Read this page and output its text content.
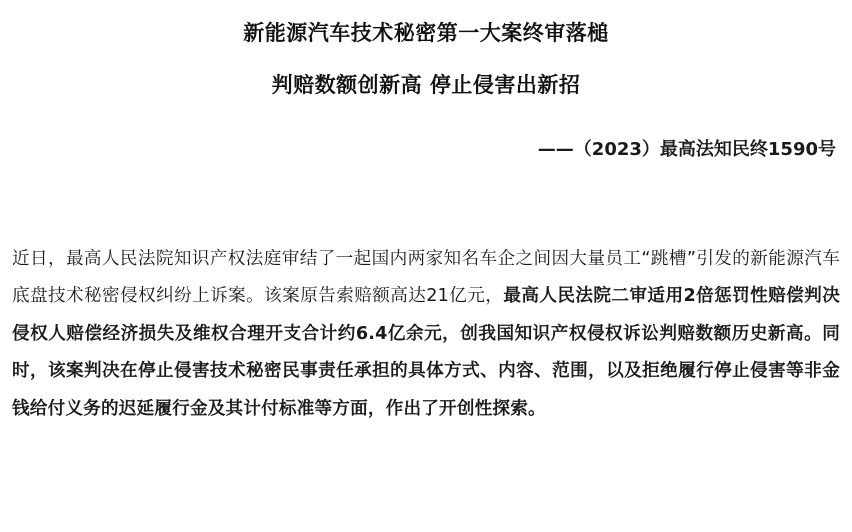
新能源汽车技术秘密第一大案终审落槌
判赔数额创新高 停止侵害出新招
——（2023）最高法知民终1590号

近日，最高人民法院知识产权法庭审结了一起国内两家知名车企之间因大量员工“跳槽”引发的新能源汽车底盘技术秘密侵权纠纷上诉案。该案原告索赔额高达21亿元，最高人民法院二审适用2倍惩罚性赔偿判决侵权人赔偿经济损失及维权合理开支合计约6.4亿余元，创我国知识产权侵权诉讼判赔数额历史新高。同时，该案判决在停止侵害技术秘密民事责任承担的具体方式、内容、范围，以及拒绝履行停止侵害等非金钱给付义务的迟延履行金及其计付标准等方面，作出了开创性探索。
